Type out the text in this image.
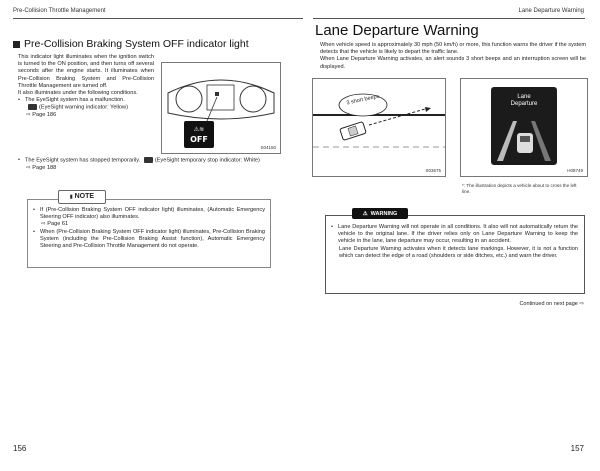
Pre-Collision Throttle Management	Lane Departure Warning
Pre-Collision Braking System OFF indicator light

This indicator light illuminates when the ignition switch is turned to the ON position, and then turns off several seconds after the engine starts. It illuminates when Pre-Collision Braking System and Pre-Collision Throttle Management are turned off.

It also illuminates under the following conditions.

• The EyeSight system has a malfunction.
(EyeSight warning indicator: Yellow)
⇨ Page 186
• The EyeSight system has stopped temporarily.	(EyeSight temporary stop indicator: White)
⇨ Page 188
⚠≋
OFF
S04150
▮ NOTE
• If (Pre-Collision Braking System OFF indicator light) illuminates, (Automatic Emergency Steering OFF indicator) also illuminates.
⇨ Page 61
• When (Pre-Collision Braking System OFF indicator light) illuminates, Pre-Collision Braking System (including the Pre-Collision Braking Assist function), Automatic Emergency Steering and Pre-Collision Throttle Management do not operate.
Lane Departure Warning

When vehicle speed is approximately 30 mph (50 km/h) or more, this function warns the driver if the system detects that the vehicle is likely to depart the traffic lane.

When Lane Departure Warning activates, an alert sounds 3 short beeps and an interruption screen will be displayed.

3 short beeps
S03675
Lane
Departure
H08749
*: The illustration depicts a vehicle about to cross the left line.
⚠ WARNING
• Lane Departure Warning will not operate in all conditions. It also will not automatically return the vehicle to the original lane. If the driver relies only on Lane Departure Warning to keep the vehicle in the lane, lane departure may occur, resulting in an accident.
Lane Departure Warning activates when it detects lane markings. However, it is not a function which can detect the edge of a road (shoulders or side ditches, etc.) and warn the driver.
Continued on next page ⇨
156	157
